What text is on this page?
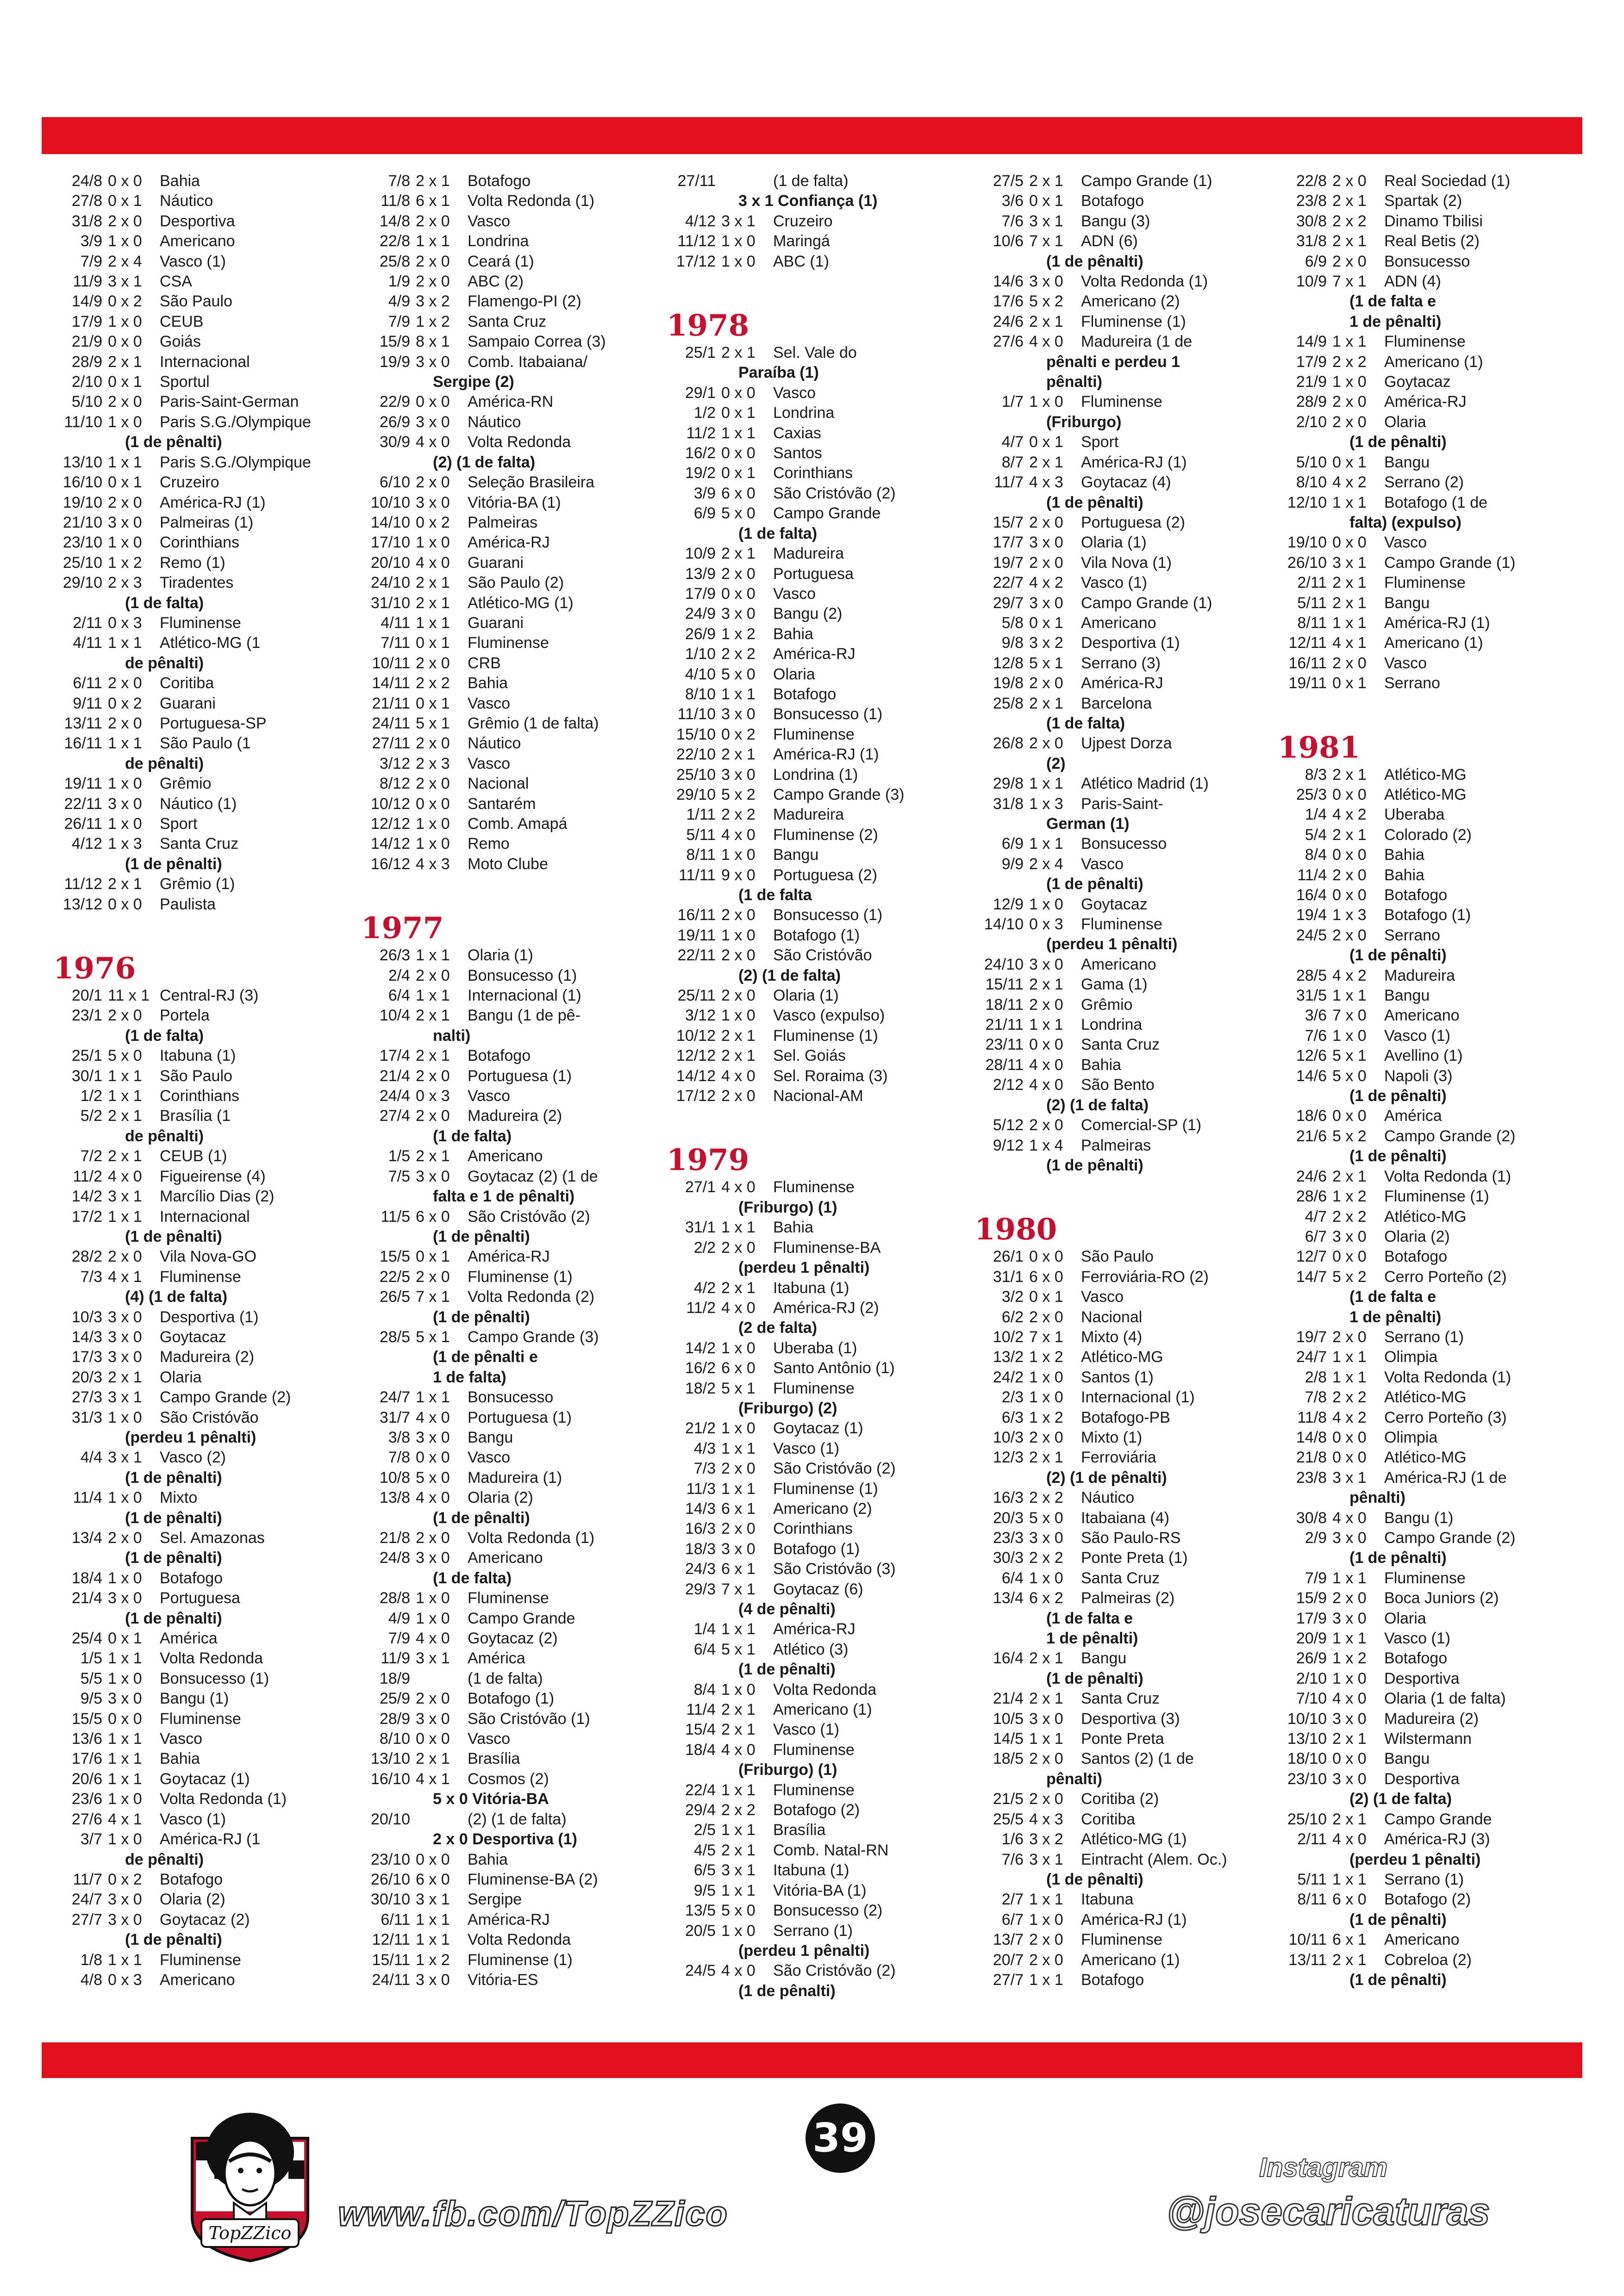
24/8 0 x 0	Bahia
27/8 0 x 1	Náutico
31/8 2 x 0	Desportiva
3/9 1 x 0	Americano
7/9 2 x 4	Vasco (1)
11/9 3 x 1	CSA
14/9 0 x 2	São Paulo
17/9 1 x 0	CEUB
21/9 0 x 0	Goiás
28/9 2 x 1	Internacional
2/10 0 x 1	Sportul
5/10 2 x 0	Paris-Saint-German
11/10 1 x 0	Paris S.G./Olympique
(1 de pênalti)
13/10 1 x 1	Paris S.G./Olympique
16/10 0 x 1	Cruzeiro
19/10 2 x 0	América-RJ (1)
21/10 3 x 0	Palmeiras (1)
23/10 1 x 0	Corinthians
25/10 1 x 2	Remo (1)
29/10 2 x 3	Tiradentes
(1 de falta)
2/11 0 x 3	Fluminense
4/11 1 x 1	Atlético-MG (1
de pênalti)
6/11 2 x 0	Coritiba
9/11 0 x 2	Guarani
13/11 2 x 0	Portuguesa-SP
16/11 1 x 1	São Paulo (1
de pênalti)
19/11 1 x 0	Grêmio
22/11 3 x 0	Náutico (1)
26/11 1 x 0	Sport
4/12 1 x 3	Santa Cruz
(1 de pênalti)
11/12 2 x 1	Grêmio (1)
13/12 0 x 0	Paulista
1976
20/1 11 x 1 Central-RJ (3)
23/1 2 x 0	Portela
(1 de falta)
25/1 5 x 0	Itabuna (1)
30/1 1 x 1	São Paulo
1/2 1 x 1	Corinthians
5/2 2 x 1	Brasília (1
de pênalti)
7/2 2 x 1	CEUB (1)
11/2 4 x 0	Figueirense (4)
14/2 3 x 1	Marcílio Dias (2)
17/2 1 x 1	Internacional
(1 de pênalti)
28/2 2 x 0	Vila Nova-GO
7/3 4 x 1	Fluminense
(4) (1 de falta)
10/3 3 x 0	Desportiva (1)
14/3 3 x 0	Goytacaz
17/3 3 x 0	Madureira (2)
20/3 2 x 1	Olaria
27/3 3 x 1	Campo Grande (2)
31/3 1 x 0	São Cristóvão
(perdeu 1 pênalti)
4/4 3 x 1	Vasco (2)
(1 de pênalti)
11/4 1 x 0	Mixto
(1 de pênalti)
13/4 2 x 0	Sel. Amazonas
(1 de pênalti)
18/4 1 x 0	Botafogo
21/4 3 x 0	Portuguesa
(1 de pênalti)
25/4 0 x 1	América
1/5 1 x 1	Volta Redonda
5/5 1 x 0	Bonsucesso (1)
9/5 3 x 0	Bangu (1)
15/5 0 x 0	Fluminense
13/6 1 x 1	Vasco
17/6 1 x 1	Bahia
20/6 1 x 1	Goytacaz (1)
23/6 1 x 0	Volta Redonda (1)
27/6 4 x 1	Vasco (1)
3/7 1 x 0	América-RJ (1
de pênalti)
11/7 0 x 2	Botafogo
24/7 3 x 0	Olaria (2)
27/7 3 x 0	Goytacaz (2)
(1 de pênalti)
1/8 1 x 1	Fluminense
4/8 0 x 3	Americano
7/8 2 x 1	Botafogo
11/8 6 x 1	Volta Redonda (1)
14/8 2 x 0	Vasco
22/8 1 x 1	Londrina
25/8 2 x 0	Ceará (1)
1/9 2 x 0	ABC (2)
4/9 3 x 2	Flamengo-PI (2)
7/9 1 x 2	Santa Cruz
15/9 8 x 1	Sampaio Correa (3)
19/9 3 x 0	Comb. Itabaiana/
Sergipe (2)
22/9 0 x 0	América-RN
26/9 3 x 0	Náutico
30/9 4 x 0	Volta Redonda
(2) (1 de falta)
6/10 2 x 0	Seleção Brasileira
10/10 3 x 0	Vitória-BA (1)
14/10 0 x 2	Palmeiras
17/10 1 x 0	América-RJ
20/10 4 x 0	Guarani
24/10 2 x 1	São Paulo (2)
31/10 2 x 1	Atlético-MG (1)
4/11 1 x 1	Guarani
7/11 0 x 1	Fluminense
10/11 2 x 0	CRB
14/11 2 x 2	Bahia
21/11 0 x 1	Vasco
24/11 5 x 1	Grêmio (1 de falta)
27/11 2 x 0	Náutico
3/12 2 x 3	Vasco
8/12 2 x 0	Nacional
10/12 0 x 0	Santarém
12/12 1 x 0	Comb. Amapá
14/12 1 x 0	Remo
16/12 4 x 3	Moto Clube
1977
26/3 1 x 1	Olaria (1)
2/4 2 x 0	Bonsucesso (1)
6/4 1 x 1	Internacional (1)
10/4 2 x 1	Bangu (1 de pê-
nalti)
17/4 2 x 1	Botafogo
21/4 2 x 0	Portuguesa (1)
24/4 0 x 3	Vasco
27/4 2 x 0	Madureira (2)
(1 de falta)
1/5 2 x 1	Americano
7/5 3 x 0	Goytacaz (2) (1 de
falta e 1 de pênalti)
11/5 6 x 0	São Cristóvão (2)
(1 de pênalti)
15/5 0 x 1	América-RJ
22/5 2 x 0	Fluminense (1)
26/5 7 x 1	Volta Redonda (2)
(1 de pênalti)
28/5 5 x 1	Campo Grande (3)
(1 de pênalti e
1 de falta)
24/7 1 x 1	Bonsucesso
31/7 4 x 0	Portuguesa (1)
3/8 3 x 0	Bangu
7/8 0 x 0	Vasco
10/8 5 x 0	Madureira (1)
13/8 4 x 0	Olaria (2)
(1 de pênalti)
21/8 2 x 0	Volta Redonda (1)
24/8 3 x 0	Americano
(1 de falta)
28/8 1 x 0	Fluminense
4/9 1 x 0	Campo Grande
7/9 4 x 0	Goytacaz (2)
11/9 3 x 1	América
18/9	(1 de falta)
25/9 2 x 0	Botafogo (1)
28/9 3 x 0	São Cristóvão (1)
8/10 0 x 0	Vasco
13/10 2 x 1	Brasília
16/10 4 x 1	Cosmos (2)
5 x 0 Vitória-BA
20/10	(2) (1 de falta)
2 x 0 Desportiva (1)
23/10 0 x 0	Bahia
26/10 6 x 0	Fluminense-BA (2)
30/10 3 x 1	Sergipe
6/11 1 x 1	América-RJ
12/11 1 x 1	Volta Redonda
15/11 1 x 2	Fluminense (1)
24/11 3 x 0	Vitória-ES
27/11	(1 de falta)
3 x 1 Confiança (1)
4/12 3 x 1	Cruzeiro
11/12 1 x 0	Maringá
17/12 1 x 0	ABC (1)
1978
25/1 2 x 1	Sel. Vale do
Paraíba (1)
29/1 0 x 0	Vasco
1/2 0 x 1	Londrina
11/2 1 x 1	Caxias
16/2 0 x 0	Santos
19/2 0 x 1	Corinthians
3/9 6 x 0	São Cristóvão (2)
6/9 5 x 0	Campo Grande
(1 de falta)
10/9 2 x 1	Madureira
13/9 2 x 0	Portuguesa
17/9 0 x 0	Vasco
24/9 3 x 0	Bangu (2)
26/9 1 x 2	Bahia
1/10 2 x 2	América-RJ
4/10 5 x 0	Olaria
8/10 1 x 1	Botafogo
11/10 3 x 0	Bonsucesso (1)
15/10 0 x 2	Fluminense
22/10 2 x 1	América-RJ (1)
25/10 3 x 0	Londrina (1)
29/10 5 x 2	Campo Grande (3)
1/11 2 x 2	Madureira
5/11 4 x 0	Fluminense (2)
8/11 1 x 0	Bangu
11/11 9 x 0	Portuguesa (2)
(1 de falta
16/11 2 x 0	Bonsucesso (1)
19/11 1 x 0	Botafogo (1)
22/11 2 x 0	São Cristóvão
(2) (1 de falta)
25/11 2 x 0	Olaria (1)
3/12 1 x 0	Vasco (expulso)
10/12 2 x 1	Fluminense (1)
12/12 2 x 1	Sel. Goiás
14/12 4 x 0	Sel. Roraima (3)
17/12 2 x 0	Nacional-AM
1979
27/1 4 x 0	Fluminense
(Friburgo) (1)
31/1 1 x 1	Bahia
2/2 2 x 0	Fluminense-BA
(perdeu 1 pênalti)
4/2 2 x 1	Itabuna (1)
11/2 4 x 0	América-RJ (2)
(2 de falta)
14/2 1 x 0	Uberaba (1)
16/2 6 x 0	Santo Antônio (1)
18/2 5 x 1	Fluminense
(Friburgo) (2)
21/2 1 x 0	Goytacaz (1)
4/3 1 x 1	Vasco (1)
7/3 2 x 0	São Cristóvão (2)
11/3 1 x 1	Fluminense (1)
14/3 6 x 1	Americano (2)
16/3 2 x 0	Corinthians
18/3 3 x 0	Botafogo (1)
24/3 6 x 1	São Cristóvão (3)
29/3 7 x 1	Goytacaz (6)
(4 de pênalti)
1/4 1 x 1	América-RJ
6/4 5 x 1	Atlético (3)
(1 de pênalti)
8/4 1 x 0	Volta Redonda
11/4 2 x 1	Americano (1)
15/4 2 x 1	Vasco (1)
18/4 4 x 0	Fluminense
(Friburgo) (1)
22/4 1 x 1	Fluminense
29/4 2 x 2	Botafogo (2)
2/5 1 x 1	Brasília
4/5 2 x 1	Comb. Natal-RN
6/5 3 x 1	Itabuna (1)
9/5 1 x 1	Vitória-BA (1)
13/5 5 x 0	Bonsucesso (2)
20/5 1 x 0	Serrano (1)
(perdeu 1 pênalti)
24/5 4 x 0	São Cristóvão (2)
(1 de pênalti)
27/5 2 x 1	Campo Grande (1)
3/6 0 x 1	Botafogo
7/6 3 x 1	Bangu (3)
10/6 7 x 1	ADN (6)
(1 de pênalti)
14/6 3 x 0	Volta Redonda (1)
17/6 5 x 2	Americano (2)
24/6 2 x 1	Fluminense (1)
27/6 4 x 0	Madureira (1 de
pênalti e perdeu 1
pênalti)
1/7 1 x 0	Fluminense
(Friburgo)
4/7 0 x 1	Sport
8/7 2 x 1	América-RJ (1)
11/7 4 x 3	Goytacaz (4)
(1 de pênalti)
15/7 2 x 0	Portuguesa (2)
17/7 3 x 0	Olaria (1)
19/7 2 x 0	Vila Nova (1)
22/7 4 x 2	Vasco (1)
29/7 3 x 0	Campo Grande (1)
5/8 0 x 1	Americano
9/8 3 x 2	Desportiva (1)
12/8 5 x 1	Serrano (3)
19/8 2 x 0	América-RJ
25/8 2 x 1	Barcelona
(1 de falta)
26/8 2 x 0	Ujpest Dorza
(2)
29/8 1 x 1	Atlético Madrid (1)
31/8 1 x 3	Paris-Saint-
German (1)
6/9 1 x 1	Bonsucesso
9/9 2 x 4	Vasco
(1 de pênalti)
12/9 1 x 0	Goytacaz
14/10 0 x 3	Fluminense
(perdeu 1 pênalti)
24/10 3 x 0	Americano
15/11 2 x 1	Gama (1)
18/11 2 x 0	Grêmio
21/11 1 x 1	Londrina
23/11 0 x 0	Santa Cruz
28/11 4 x 0	Bahia
2/12 4 x 0	São Bento
(2) (1 de falta)
5/12 2 x 0	Comercial-SP (1)
9/12 1 x 4	Palmeiras
(1 de pênalti)
1980
26/1 0 x 0	São Paulo
31/1 6 x 0	Ferroviária-RO (2)
3/2 0 x 1	Vasco
6/2 2 x 0	Nacional
10/2 7 x 1	Mixto (4)
13/2 1 x 2	Atlético-MG
24/2 1 x 0	Santos (1)
2/3 1 x 0	Internacional (1)
6/3 1 x 2	Botafogo-PB
10/3 2 x 0	Mixto (1)
12/3 2 x 1	Ferroviária
(2) (1 de pênalti)
16/3 2 x 2	Náutico
20/3 5 x 0	Itabaiana (4)
23/3 3 x 0	São Paulo-RS
30/3 2 x 2	Ponte Preta (1)
6/4 1 x 0	Santa Cruz
13/4 6 x 2	Palmeiras (2)
(1 de falta e
1 de pênalti)
16/4 2 x 1	Bangu
(1 de pênalti)
21/4 2 x 1	Santa Cruz
10/5 3 x 0	Desportiva (3)
14/5 1 x 1	Ponte Preta
18/5 2 x 0	Santos (2) (1 de
pênalti)
21/5 2 x 0	Coritiba (2)
25/5 4 x 3	Coritiba
1/6 3 x 2	Atlético-MG (1)
7/6 3 x 1	Eintracht (Alem. Oc.)
(1 de pênalti)
2/7 1 x 1	Itabuna
6/7 1 x 0	América-RJ (1)
13/7 2 x 0	Fluminense
20/7 2 x 0	Americano (1)
27/7 1 x 1	Botafogo
22/8 2 x 0	Real Sociedad (1)
23/8 2 x 1	Spartak (2)
30/8 2 x 2	Dinamo Tbilisi
31/8 2 x 1	Real Betis (2)
6/9 2 x 0	Bonsucesso
10/9 7 x 1	ADN (4)
(1 de falta e
1 de pênalti)
14/9 1 x 1	Fluminense
17/9 2 x 2	Americano (1)
21/9 1 x 0	Goytacaz
28/9 2 x 0	América-RJ
2/10 2 x 0	Olaria
(1 de pênalti)
5/10 0 x 1	Bangu
8/10 4 x 2	Serrano (2)
12/10 1 x 1	Botafogo (1 de
falta) (expulso)
19/10 0 x 0	Vasco
26/10 3 x 1	Campo Grande (1)
2/11 2 x 1	Fluminense
5/11 2 x 1	Bangu
8/11 1 x 1	América-RJ (1)
12/11 4 x 1	Americano (1)
16/11 2 x 0	Vasco
19/11 0 x 1	Serrano
1981
8/3 2 x 1	Atlético-MG
25/3 0 x 0	Atlético-MG
1/4 4 x 2	Uberaba
5/4 2 x 1	Colorado (2)
8/4 0 x 0	Bahia
11/4 2 x 0	Bahia
16/4 0 x 0	Botafogo
19/4 1 x 3	Botafogo (1)
24/5 2 x 0	Serrano
(1 de pênalti)
28/5 4 x 2	Madureira
31/5 1 x 1	Bangu
3/6 7 x 0	Americano
7/6 1 x 0	Vasco (1)
12/6 5 x 1	Avellino (1)
14/6 5 x 0	Napoli (3)
(1 de pênalti)
18/6 0 x 0	América
21/6 5 x 2	Campo Grande (2)
(1 de pênalti)
24/6 2 x 1	Volta Redonda (1)
28/6 1 x 2	Fluminense (1)
4/7 2 x 2	Atlético-MG
6/7 3 x 0	Olaria (2)
12/7 0 x 0	Botafogo
14/7 5 x 2	Cerro Porteño (2)
(1 de falta e
1 de pênalti)
19/7 2 x 0	Serrano (1)
24/7 1 x 1	Olimpia
2/8 1 x 1	Volta Redonda (1)
7/8 2 x 2	Atlético-MG
11/8 4 x 2	Cerro Porteño (3)
14/8 0 x 0	Olimpia
21/8 0 x 0	Atlético-MG
23/8 3 x 1	América-RJ (1 de
pênalti)
30/8 4 x 0	Bangu (1)
2/9 3 x 0	Campo Grande (2)
(1 de pênalti)
7/9 1 x 1	Fluminense
15/9 2 x 0	Boca Juniors (2)
17/9 3 x 0	Olaria
20/9 1 x 1	Vasco (1)
26/9 1 x 2	Botafogo
2/10 1 x 0	Desportiva
7/10 4 x 0	Olaria (1 de falta)
10/10 3 x 0	Madureira (2)
13/10 2 x 1	Wilstermann
18/10 0 x 0	Bangu
23/10 3 x 0	Desportiva
(2) (1 de falta)
25/10 2 x 1	Campo Grande
2/11 4 x 0	América-RJ (3)
(perdeu 1 pênalti)
5/11 1 x 1	Serrano (1)
8/11 6 x 0	Botafogo (2)
(1 de pênalti)
10/11 6 x 1	Americano
13/11 2 x 1	Cobreloa (2)
(1 de pênalti)
TopZZico
39
www.fb.com/TopZZico
Instagram
@josecaricaturas
